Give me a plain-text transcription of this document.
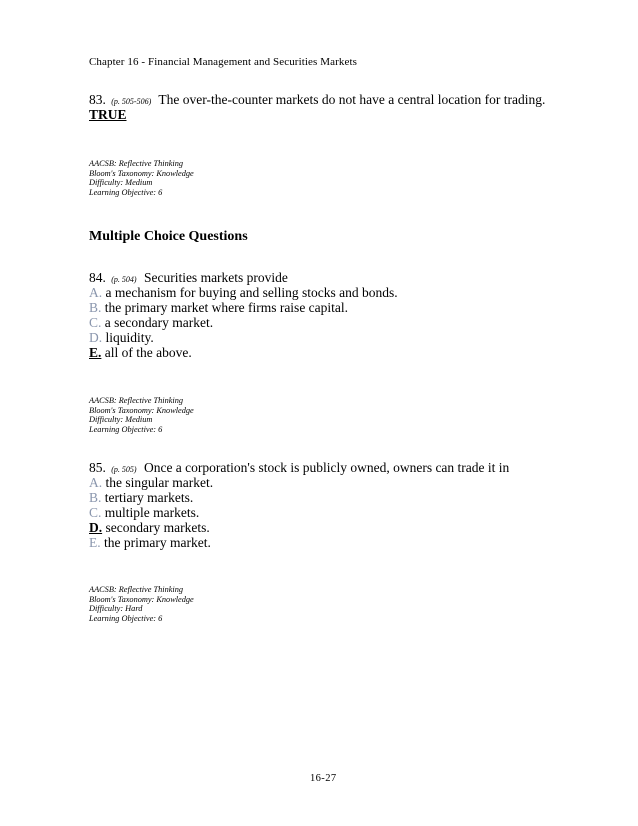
Chapter 16 - Financial Management and Securities Markets
83. (p. 505-506) The over-the-counter markets do not have a central location for trading.
TRUE
AACSB: Reflective Thinking
Bloom's Taxonomy: Knowledge
Difficulty: Medium
Learning Objective: 6
Multiple Choice Questions
84. (p. 504) Securities markets provide
A. a mechanism for buying and selling stocks and bonds.
B. the primary market where firms raise capital.
C. a secondary market.
D. liquidity.
E. all of the above.
AACSB: Reflective Thinking
Bloom's Taxonomy: Knowledge
Difficulty: Medium
Learning Objective: 6
85. (p. 505) Once a corporation's stock is publicly owned, owners can trade it in
A. the singular market.
B. tertiary markets.
C. multiple markets.
D. secondary markets.
E. the primary market.
AACSB: Reflective Thinking
Bloom's Taxonomy: Knowledge
Difficulty: Hard
Learning Objective: 6
16-27
